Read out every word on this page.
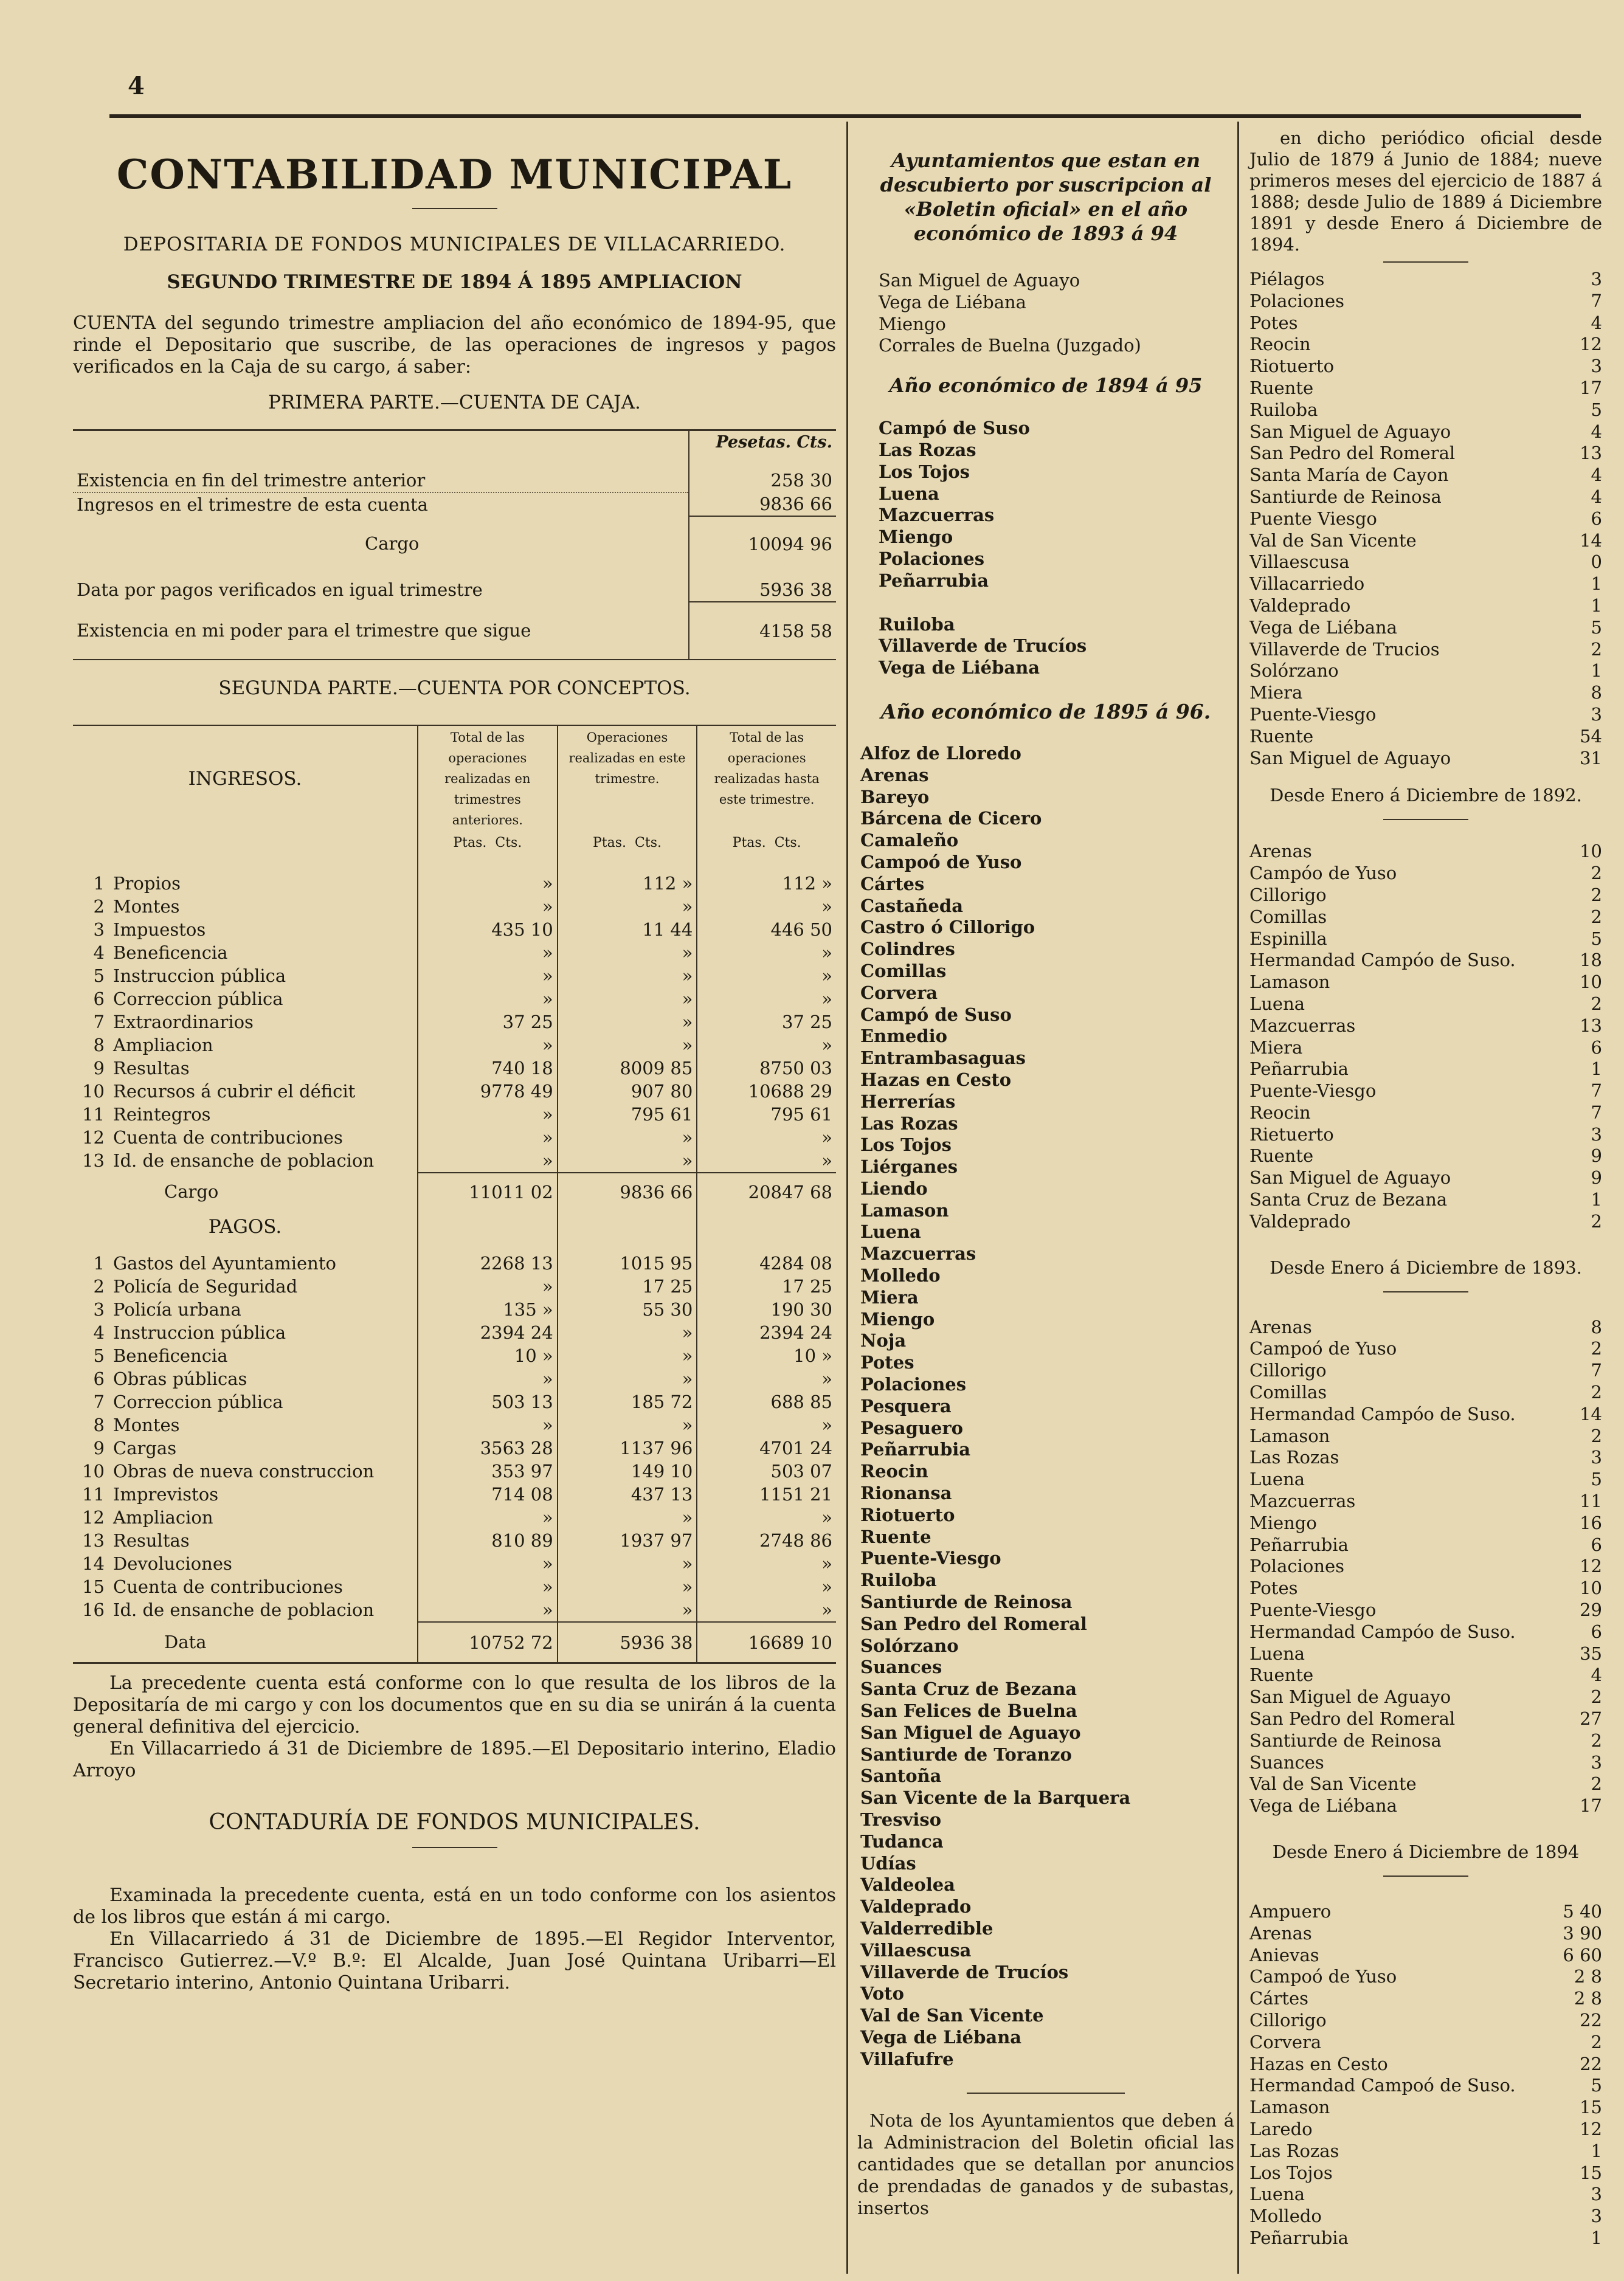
4
CONTABILIDAD MUNICIPAL
DEPOSITARIA DE FONDOS MUNICIPALES DE VILLACARRIEDO.
SEGUNDO TRIMESTRE DE 1894 Á 1895 AMPLIACION

CUENTA del segundo trimestre ampliacion del año económico de 1894-95, que rinde el Depositario que suscribe, de las operaciones de ingresos y pagos verificados en la Caja de su cargo, á saber:

PRIMERA PARTE.—CUENTA DE CAJA.
	Pesetas. Cts.

Existencia en fin del trimestre anterior	258 30
Ingresos en el trimestre de esta cuenta	9836 66
Cargo	10094 96
Data por pagos verificados en igual trimestre	5936 38
Existencia en mi poder para el trimestre que sigue	4158 58
SEGUNDA PARTE.—CUENTA POR CONCEPTOS.
INGRESOS.	Total de las operaciones realizadas en trimestres anteriores.	Operaciones realizadas en este trimestre.	Total de las operaciones realizadas hasta este trimestre.
	Ptas. Cts.	Ptas. Cts.	Ptas. Cts.
1 Propios	»	112 »	112 »
2 Montes	»	»	»
3 Impuestos	435 10	11 44	446 50
4 Beneficencia	»	»	»
5 Instruccion pública	»	»	»
6 Correccion pública	»	»	»
7 Extraordinarios	37 25	»	37 25
8 Ampliacion	»	»	»
9 Resultas	740 18	8009 85	8750 03
10 Recursos á cubrir el déficit	9778 49	907 80	10688 29
11 Reintegros	»	795 61	795 61
12 Cuenta de contribuciones	»	»	»
13 Id. de ensanche de poblacion	»	»	»
Cargo	11011 02	9836 66	20847 68
PAGOS.			
1 Gastos del Ayuntamiento	2268 13	1015 95	4284 08
2 Policía de Seguridad	»	17 25	17 25
3 Policía urbana	135 »	55 30	190 30
4 Instruccion pública	2394 24	»	2394 24
5 Beneficencia	10 »	»	10 »
6 Obras públicas	»	»	»
7 Correccion pública	503 13	185 72	688 85
8 Montes	»	»	»
9 Cargas	3563 28	1137 96	4701 24
10 Obras de nueva construccion	353 97	149 10	503 07
11 Imprevistos	714 08	437 13	1151 21
12 Ampliacion	»	»	»
13 Resultas	810 89	1937 97	2748 86
14 Devoluciones	»	»	»
15 Cuenta de contribuciones	»	»	»
16 Id. de ensanche de poblacion	»	»	»
Data	10752 72	5936 38	16689 10

La precedente cuenta está conforme con lo que resulta de los libros de la Depositaría de mi cargo y con los documentos que en su dia se unirán á la cuenta general definitiva del ejercicio.

En Villacarriedo á 31 de Diciembre de 1895.—El Depositario interino, Eladio Arroyo

CONTADURÍA DE FONDOS MUNICIPALES.

Examinada la precedente cuenta, está en un todo conforme con los asientos de los libros que están á mi cargo.

En Villacarriedo á 31 de Diciembre de 1895.—El Regidor Interventor, Francisco Gutierrez.—V.º B.º: El Alcalde, Juan José Quintana Uribarri—El Secretario interino, Antonio Quintana Uribarri.

Ayuntamientos que estan en descubierto por suscripcion al «Boletin oficial» en el año económico de 1893 á 94
San Miguel de Aguayo
Vega de Liébana
Miengo
Corrales de Buelna (Juzgado)
Año económico de 1894 á 95
Campó de Suso
Las Rozas
Los Tojos
Luena
Mazcuerras
Miengo
Polaciones
Peñarrubia
Ruiloba
Villaverde de Trucíos
Vega de Liébana
Año económico de 1895 á 96.
Alfoz de Lloredo
Arenas
Bareyo
Bárcena de Cicero
Camaleño
Campoó de Yuso
Cártes
Castañeda
Castro ó Cillorigo
Colindres
Comillas
Corvera
Campó de Suso
Enmedio
Entrambasaguas
Hazas en Cesto
Herrerías
Las Rozas
Los Tojos
Liérganes
Liendo
Lamason
Luena
Mazcuerras
Molledo
Miera
Miengo
Noja
Potes
Polaciones
Pesquera
Pesaguero
Peñarrubia
Reocin
Rionansa
Riotuerto
Ruente
Puente-Viesgo
Ruiloba
Santiurde de Reinosa
San Pedro del Romeral
Solórzano
Suances
Santa Cruz de Bezana
San Felices de Buelna
San Miguel de Aguayo
Santiurde de Toranzo
Santoña
San Vicente de la Barquera
Tresviso
Tudanca
Udías
Valdeolea
Valdeprado
Valderredible
Villaescusa
Villaverde de Trucíos
Voto
Val de San Vicente
Vega de Liébana
Villafufre

Nota de los Ayuntamientos que deben á la Administracion del Boletin oficial las cantidades que se detallan por anuncios de prendadas de ganados y de subastas, insertos

en dicho periódico oficial desde Julio de 1879 á Junio de 1884; nueve primeros meses del ejercicio de 1887 á 1888; desde Julio de 1889 á Diciembre 1891 y desde Enero á Diciembre de 1894.

Piélagos	3
Polaciones	7
Potes	4
Reocin	12
Riotuerto	3
Ruente	17
Ruiloba	5
San Miguel de Aguayo	4
San Pedro del Romeral	13
Santa María de Cayon	4
Santiurde de Reinosa	4
Puente Viesgo	6
Val de San Vicente	14
Villaescusa	0
Villacarriedo	1
Valdeprado	1
Vega de Liébana	5
Villaverde de Trucios	2
Solórzano	1
Miera	8
Puente-Viesgo	3
Ruente	54
San Miguel de Aguayo	31
Desde Enero á Diciembre de 1892.
Arenas	10
Campóo de Yuso	2
Cillorigo	2
Comillas	2
Espinilla	5
Hermandad Campóo de Suso.	18
Lamason	10
Luena	2
Mazcuerras	13
Miera	6
Peñarrubia	1
Puente-Viesgo	7
Reocin	7
Rietuerto	3
Ruente	9
San Miguel de Aguayo	9
Santa Cruz de Bezana	1
Valdeprado	2
Desde Enero á Diciembre de 1893.
Arenas	8
Campoó de Yuso	2
Cillorigo	7
Comillas	2
Hermandad Campóo de Suso.	14
Lamason	2
Las Rozas	3
Luena	5
Mazcuerras	11
Miengo	16
Peñarrubia	6
Polaciones	12
Potes	10
Puente-Viesgo	29
Hermandad Campóo de Suso.	6
Luena	35
Ruente	4
San Miguel de Aguayo	2
San Pedro del Romeral	27
Santiurde de Reinosa	2
Suances	3
Val de San Vicente	2
Vega de Liébana	17
Desde Enero á Diciembre de 1894
Ampuero	5 40
Arenas	3 90
Anievas	6 60
Campoó de Yuso	2 8
Cártes	2 8
Cillorigo	22
Corvera	2
Hazas en Cesto	22
Hermandad Campoó de Suso.	5
Lamason	15
Laredo	12
Las Rozas	1
Los Tojos	15
Luena	3
Molledo	3
Peñarrubia	1
